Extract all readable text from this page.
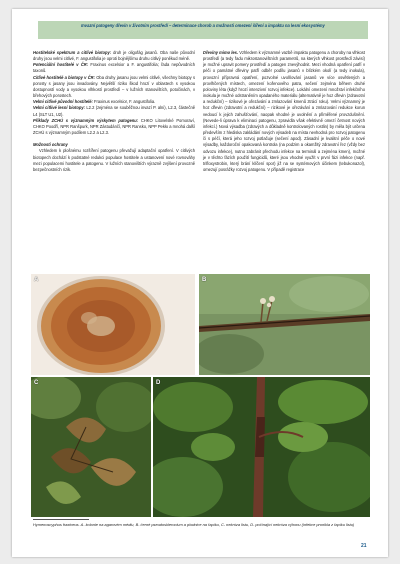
Invazní patogeny dřevin v životním prostředí – determinace chorob a možnosti omezení šíření a impaktu na lesní ekosystémy

Hostitelské spektrum a citlivé biotopy: druh je oligofág jasanů. Oba naše původní druhy jsou velmi citlivé, F. angustifolia je oproti bojnějšímu druhu citlivý poněkud méně.

Potenciální hostitelé v ČR: Fraxinus excelsior a F. angustifolia; řada nepůvodních taxonů.

Citlivé hostitelé a biotopy v ČR: Oba druhy jasanu jsou velmi citlivé, všechny biotopy s porosty s jasany jsou invadovány. Největší riziko škod hrozí v oblastech s vysokou dostupností vody a vysokou vlhkostí prostředí – v lužních stanovištích, potočinách, v břehových porostech.

Velmi citlivé původní hostitelé: Fraxinus excelsior, F. angustifolia.

Velmi citlivé lesní biotopy: L2.2 (zejména se souběžnou invazí P. alni), L2.3, částečně L4 (SLT U1, U2).

Příklady ZCHÚ s významným výskytem patogenu: CHKO Litovelské Pomoraví, CHKO Poodří, NPR Ranšpurk, NPR Zástudánčí, NPR Ransko, NPP Pekło a mnohá další ZCHÚ s významným podílem L2.2 a L2.3.

Možnosti ochrany

Vzhledem k plošnému rozšíření patogenu převažují adaptační opatření. V citlivých biotopech dochází k podstatné redukci populace hostitele a ustanovení nové rovnováhy mezi populacemi hostitele a patogenu. V lužních stanovištích výrazně zvýšení provozně bezpečnostních rizik.

Dřeviny mimo les. Vzhledem k významné vazbě impaktu patogenu a choroby na vlhkost prostředí (a tedy řadu mikrostanovištních parametrů, na kterých vlhkost prostředí závisí) je možné upravit pomery prostředí a patogen znevýhodnit. Mezi vhodná opatření patří v péči o památné dřeviny patří odběr podílu jasanů v blízkém okolí (a tedy inokula), provozní přípravná opatření, pozvolné uvolňování jasanů ve více osvětlených a provlhčených místech, omezení kořenového patra, sečení zejména během druhé poloviny léta (když hrozí intenzivní rozvoj infekce). Lokální omezení množství infekčního inokula je možné odstraněním opadaného materiálu (alternativně je hoz dřevin (zdravotní a redukční) – rizikové je ořezávání a zmlazování kmenů ztrácí roku). Velmi významný je hoz dřevin (zdravotní a redukční) – rizikové je ořezávání a zmlazování redukce korun vedoucí k jejich zahušťování, naopak vhodné je uvolnění a přiměřené provzdušnění. (Nevede-li úprava k eliminaci patogenu, zpravidla však efektivně omezí četnost nových infekcí.) Nová výsadba (zdravých a důkladně kontrolovaných rostlin) by měla být určena především z hlediska zakládání nových výsadeb na místa nevhodná pro rozvoj patogenu či s péčí, která jeho rozvoj potlačuje (sečení apod). Zásadní je kvalitní péče o nové výsadby, každoroční opakovaná kontrola (na podzim a okamžitý zdravotní řez (vždy bez odvozu infekce), nutno zabránit přechodu infekce na terminál a zejména kmen), možné je v těchto fázích použití fungicidů, které jsou vhodné využít v první fázi infekce (např. trifloxystrobin, který brání klíčení spor) již na se systémových účinkem (tebukonazol), omezují posrážky rozvoj patogenu. V případě registrace

A	B
C	D
Hymenoscyphus fraxineus. A- kolonie na agarovém médiu, B- černé pseudosklerocium a plodnice na řapíku, C- nekróza listu, D- počínající nekróza výhonu (infekce pronikla z řapíku listu)
21
